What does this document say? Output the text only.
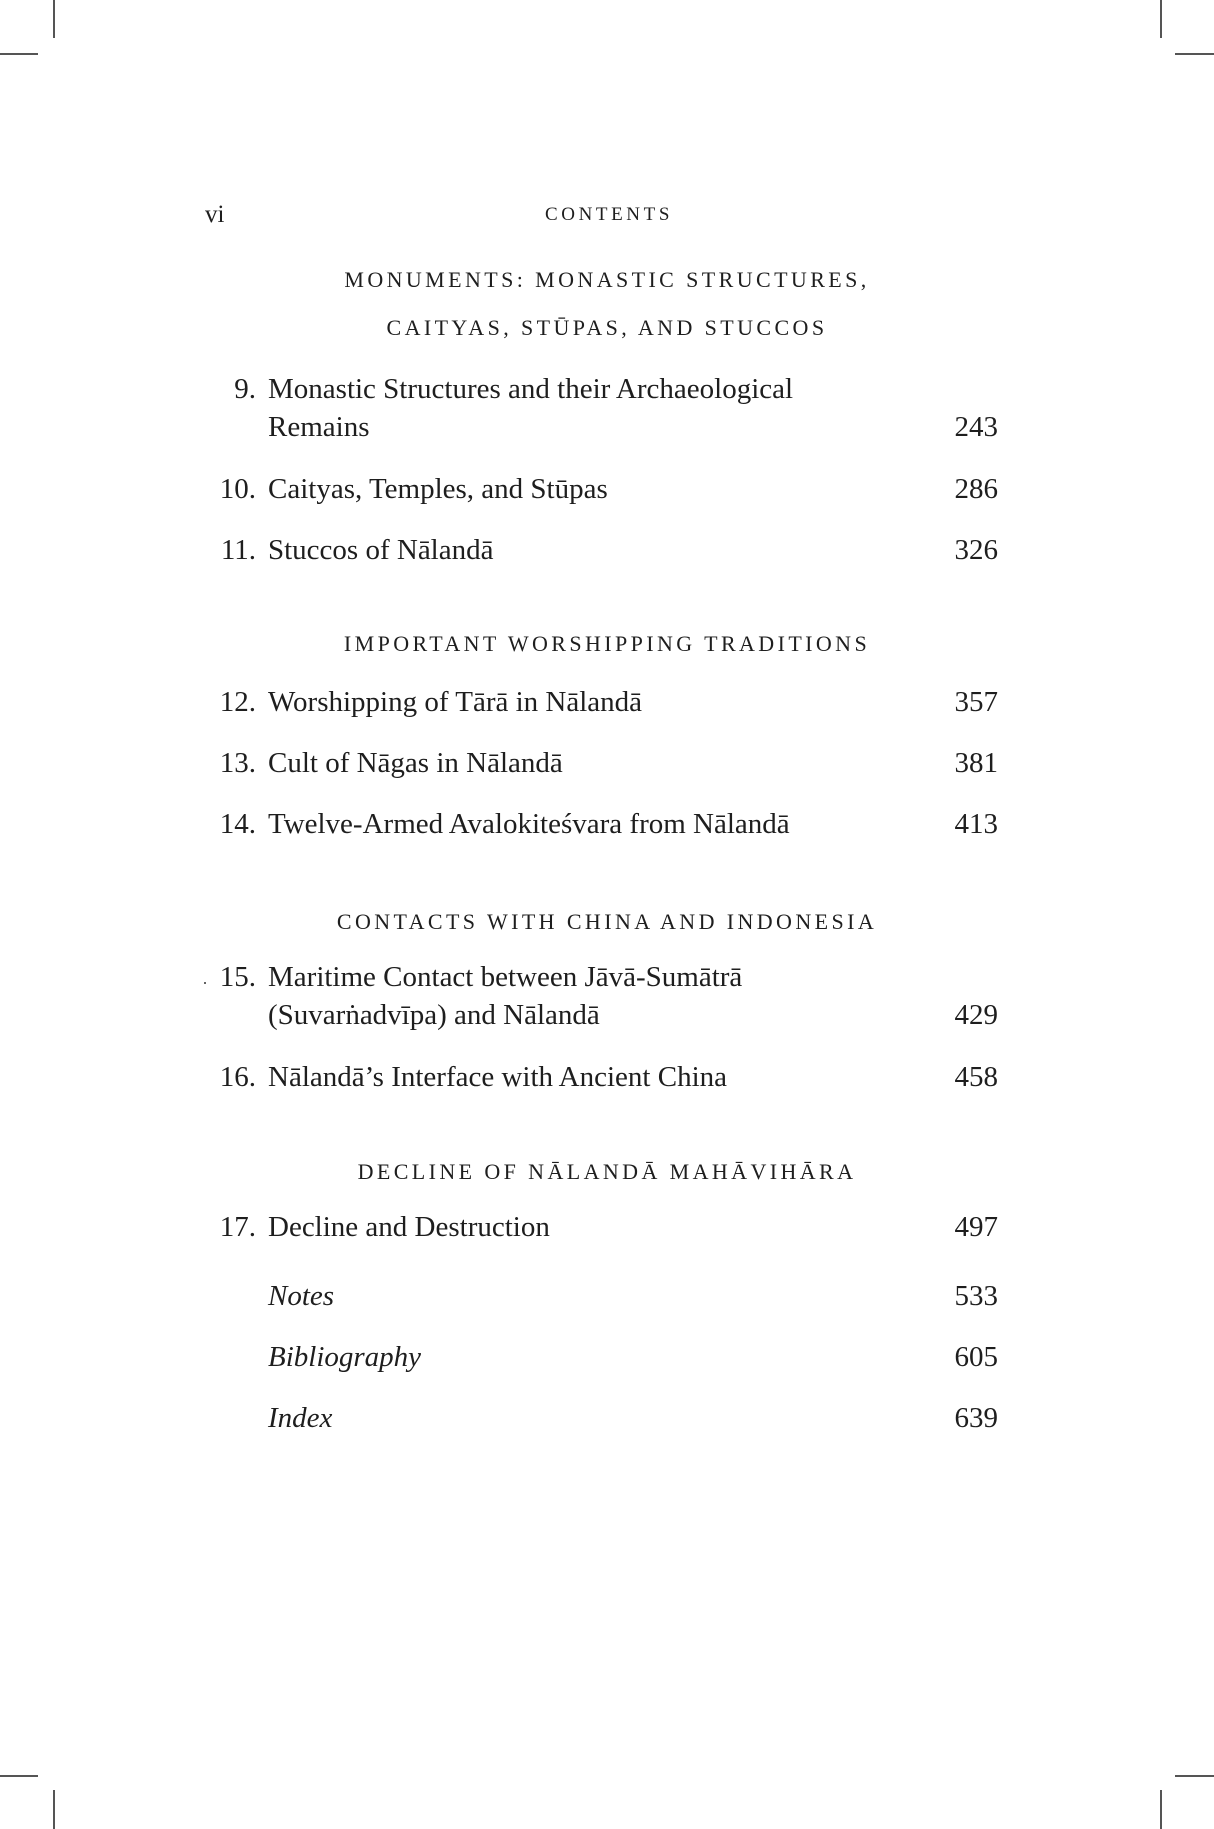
vi	CONTENTS
MONUMENTS: MONASTIC STRUCTURES,
CAITYAS, STŪPAS, AND STUCCOS
9. Monastic Structures and their Archaeological
Remains	243
10. Caityas, Temples, and Stūpas	286
11. Stuccos of Nālandā	326
IMPORTANT WORSHIPPING TRADITIONS
12. Worshipping of Tārā in Nālandā	357
13. Cult of Nāgas in Nālandā	381
14. Twelve-Armed Avalokiteśvara from Nālandā	413
CONTACTS WITH CHINA AND INDONESIA
15. Maritime Contact between Jāvā-Sumātrā
(Suvarṅadvīpa) and Nālandā	429
16. Nālandā’s Interface with Ancient China	458
DECLINE OF NĀLANDĀ MAHĀVIHĀRA
17. Decline and Destruction	497
Notes	533
Bibliography	605
Index	639
